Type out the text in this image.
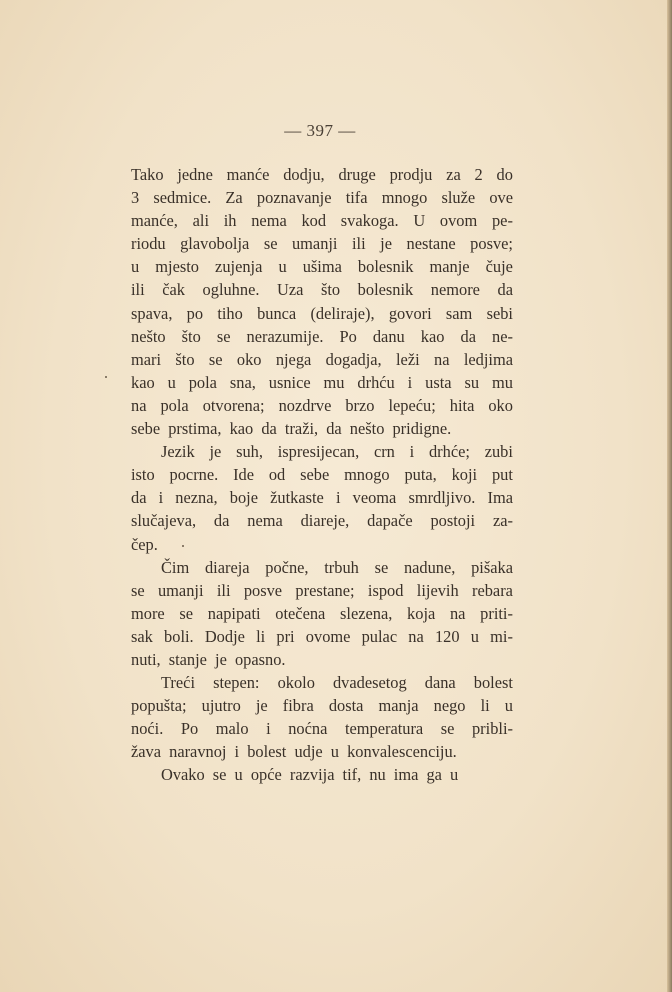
— 397 —
Tako jedne manće dodju, druge prodju za 2 do
3 sedmice. Za poznavanje tifa mnogo služe ove
manće, ali ih nema kod svakoga. U ovom pe-
riodu glavobolja se umanji ili je nestane posve;
u mjesto zujenja u ušima bolesnik manje čuje
ili čak ogluhne. Uza što bolesnik nemore da
spava, po tiho bunca (deliraje), govori sam sebi
nešto što se nerazumije. Po danu kao da ne-
mari što se oko njega dogadja, leži na ledjima
kao u pola sna, usnice mu drhću i usta su mu
na pola otvorena; nozdrve brzo lepeću; hita oko
sebe prstima, kao da traži, da nešto pridigne.
Jezik je suh, ispresijecan, crn i drhće; zubi
isto pocrne. Ide od sebe mnogo puta, koji put
da i nezna, boje žutkaste i veoma smrdljivo. Ima
slučajeva, da nema diareje, dapače postoji za-
čep.
Čim diareja počne, trbuh se nadune, pišaka
se umanji ili posve prestane; ispod lijevih rebara
more se napipati otečena slezena, koja na priti-
sak boli. Dodje li pri ovome pulac na 120 u mi-
nuti, stanje je opasno.
Treći stepen: okolo dvadesetog dana bolest
popušta; ujutro je fibra dosta manja nego li u
noći. Po malo i noćna temperatura se pribli-
žava naravnoj i bolest udje u konvalescenciju.
Ovako se u opće razvija tif, nu ima ga u
